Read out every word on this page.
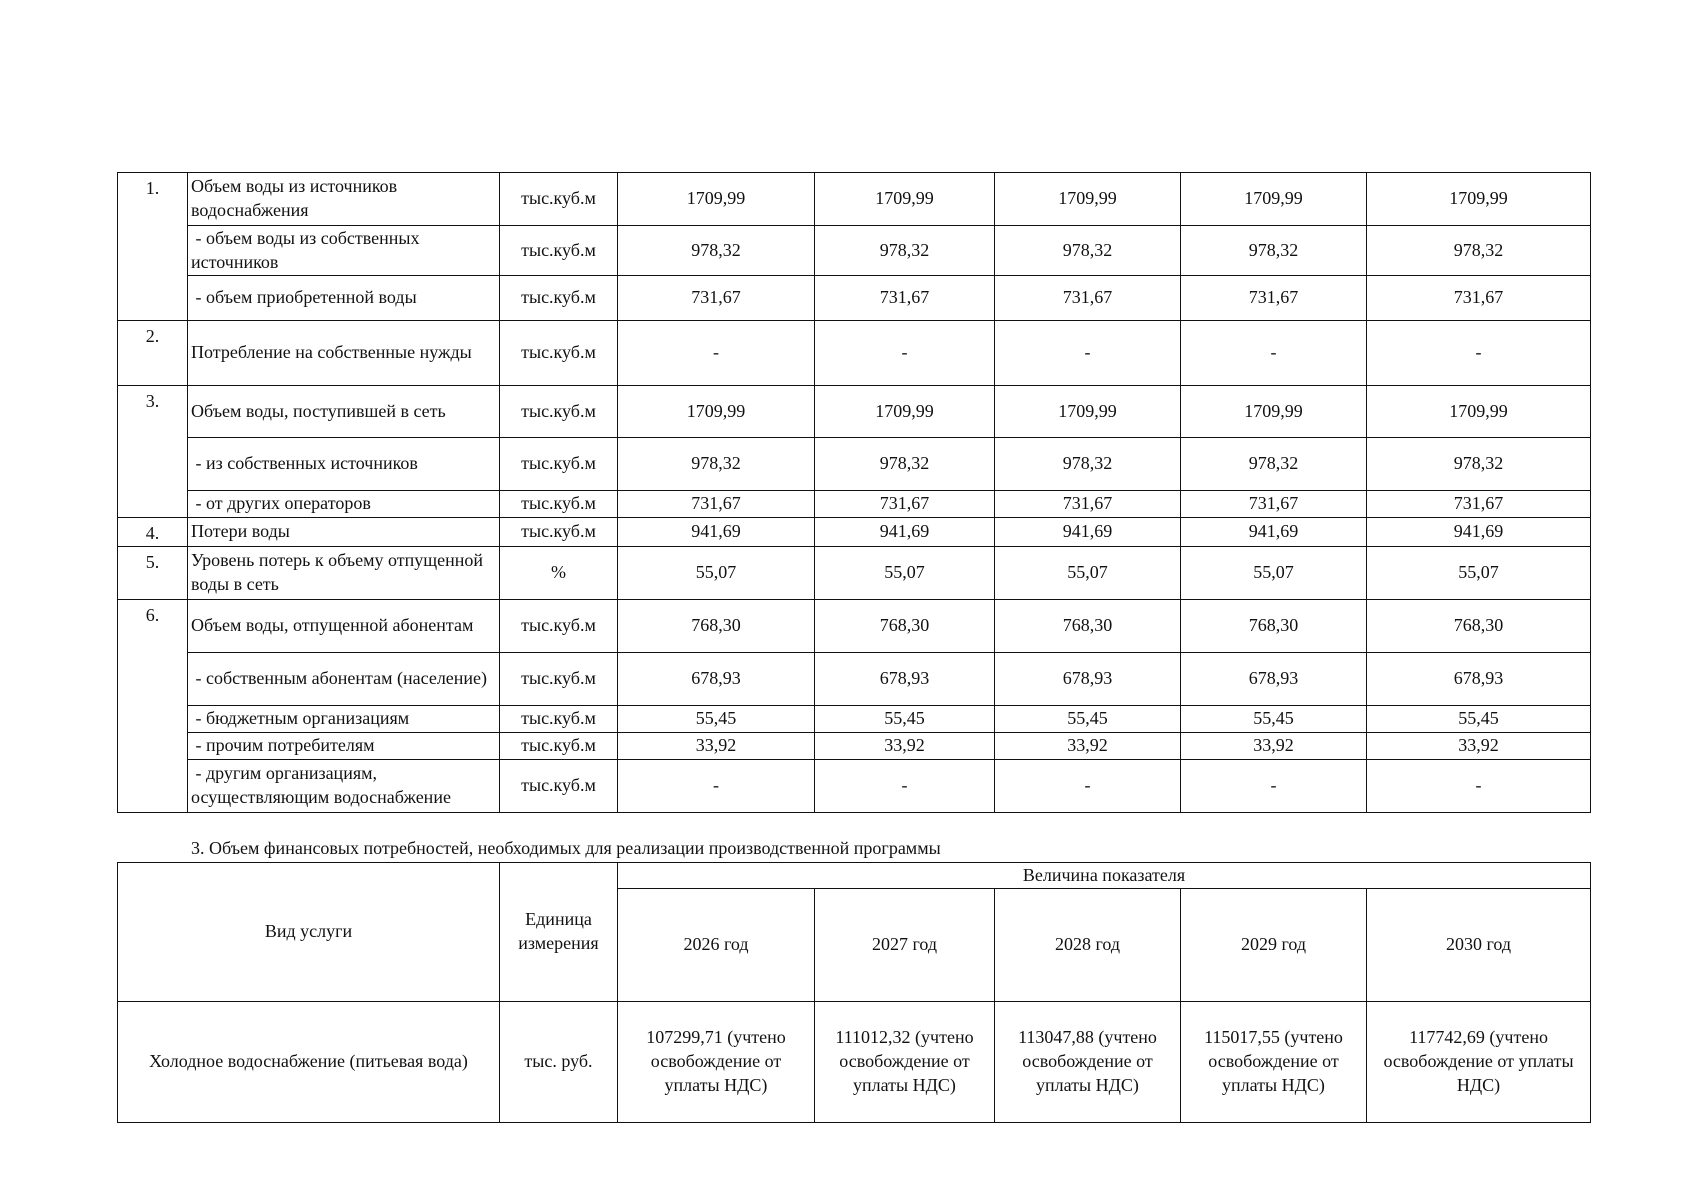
1.	Объем воды из источников водоснабжения	тыс.куб.м	1709,99	1709,99	1709,99	1709,99	1709,99
	- объем воды из собственных источников	тыс.куб.м	978,32	978,32	978,32	978,32	978,32
	- объем приобретенной воды	тыс.куб.м	731,67	731,67	731,67	731,67	731,67
2.	Потребление на собственные нужды	тыс.куб.м	-	-	-	-	-
3.	Объем воды, поступившей в сеть	тыс.куб.м	1709,99	1709,99	1709,99	1709,99	1709,99
	- из собственных источников	тыс.куб.м	978,32	978,32	978,32	978,32	978,32
	- от других операторов	тыс.куб.м	731,67	731,67	731,67	731,67	731,67
4.	Потери воды	тыс.куб.м	941,69	941,69	941,69	941,69	941,69
5.	Уровень потерь к объему отпущенной воды в сеть	%	55,07	55,07	55,07	55,07	55,07
6.	Объем воды, отпущенной абонентам	тыс.куб.м	768,30	768,30	768,30	768,30	768,30
	- собственным абонентам (население)	тыс.куб.м	678,93	678,93	678,93	678,93	678,93
	- бюджетным организациям	тыс.куб.м	55,45	55,45	55,45	55,45	55,45
	- прочим потребителям	тыс.куб.м	33,92	33,92	33,92	33,92	33,92
	- другим организациям, осуществляющим водоснабжение	тыс.куб.м	-	-	-	-	-
3. Объем финансовых потребностей, необходимых для реализации производственной программы
Вид услуги	Единица измерения	Величина показателя				
		2026 год	2027 год	2028 год	2029 год	2030 год
Холодное водоснабжение (питьевая вода)	тыс. руб.	107299,71 (учтено освобождение от уплаты НДС)	111012,32 (учтено освобождение от уплаты НДС)	113047,88 (учтено освобождение от уплаты НДС)	115017,55 (учтено освобождение от уплаты НДС)	117742,69 (учтено освобождение от уплаты НДС)
